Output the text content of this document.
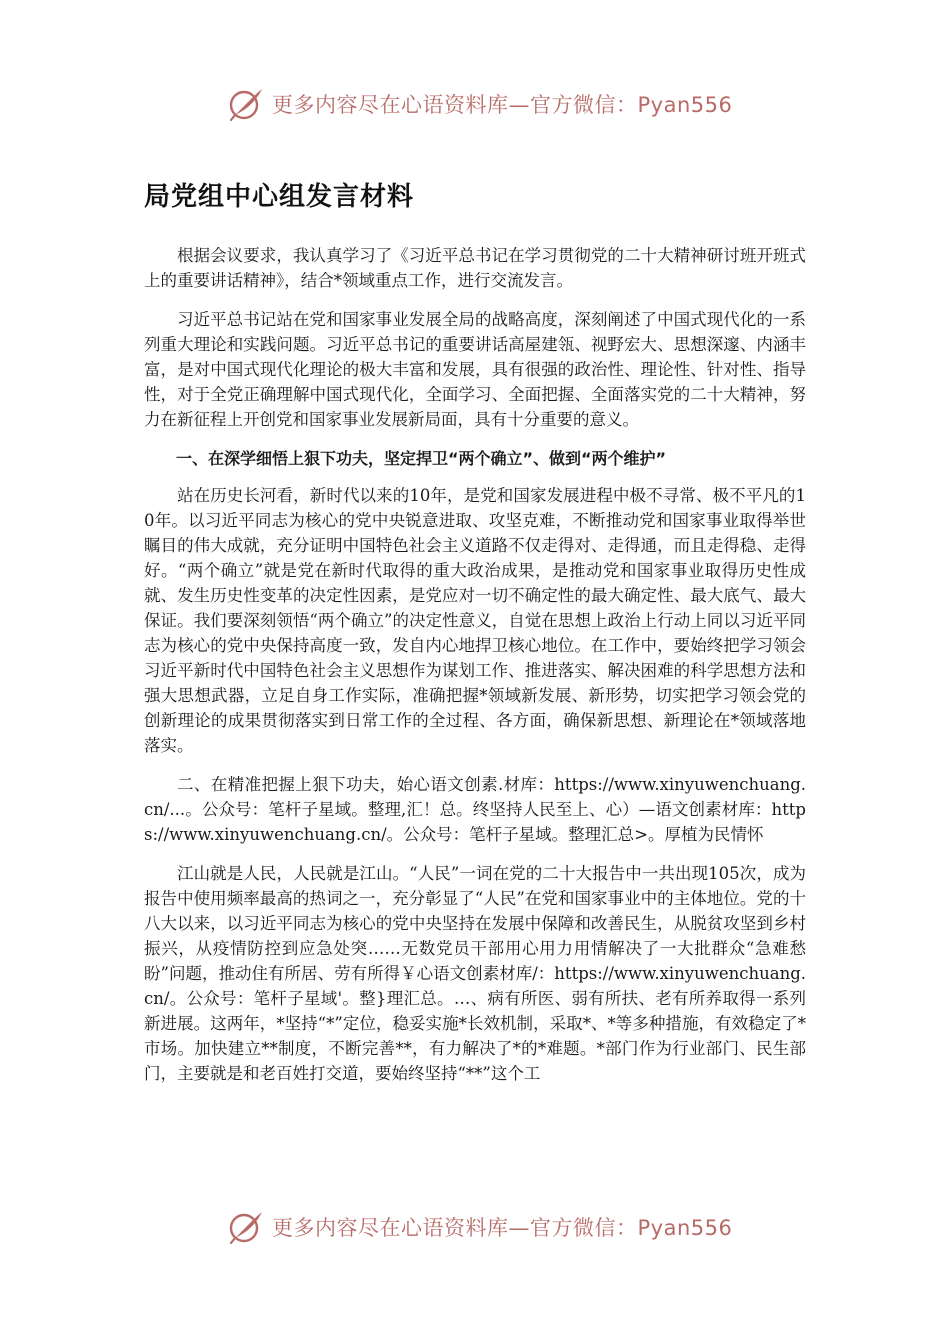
更多内容尽在心语资料库—官方微信：Pyan556
局党组中心组发言材料

根据会议要求，我认真学习了《习近平总书记在学习贯彻党的二十大精神研讨班开班式上的重要讲话精神》，结合*领域重点工作，进行交流发言。

习近平总书记站在党和国家事业发展全局的战略高度，深刻阐述了中国式现代化的一系列重大理论和实践问题。习近平总书记的重要讲话高屋建瓴、视野宏大、思想深邃、内涵丰富，是对中国式现代化理论的极大丰富和发展，具有很强的政治性、理论性、针对性、指导性，对于全党正确理解中国式现代化，全面学习、全面把握、全面落实党的二十大精神，努力在新征程上开创党和国家事业发展新局面，具有十分重要的意义。

一、在深学细悟上狠下功夫，坚定捍卫“两个确立”、做到“两个维护”

站在历史长河看，新时代以来的10年，是党和国家发展进程中极不寻常、极不平凡的10年。以习近平同志为核心的党中央锐意进取、攻坚克难，不断推动党和国家事业取得举世瞩目的伟大成就，充分证明中国特色社会主义道路不仅走得对、走得通，而且走得稳、走得好。“两个确立”就是党在新时代取得的重大政治成果，是推动党和国家事业取得历史性成就、发生历史性变革的决定性因素，是党应对一切不确定性的最大确定性、最大底气、最大保证。我们要深刻领悟“两个确立”的决定性意义，自觉在思想上政治上行动上同以习近平同志为核心的党中央保持高度一致，发自内心地捍卫核心地位。在工作中，要始终把学习领会习近平新时代中国特色社会主义思想作为谋划工作、推进落实、解决困难的科学思想方法和强大思想武器，立足自身工作实际，准确把握*领域新发展、新形势，切实把学习领会党的创新理论的成果贯彻落实到日常工作的全过程、各方面，确保新思想、新理论在*领域落地落实。

二、在精准把握上狠下功夫，始心语文创素.材库：https://www.xinyuwenchuang.cn/...。公众号：笔杆子星域。整理,汇！总。终坚持人民至上、心）—语文创素材库：https://www.xinyuwenchuang.cn/。公众号：笔杆子星域。整理汇总>。厚植为民情怀

江山就是人民，人民就是江山。“人民”一词在党的二十大报告中一共出现105次，成为报告中使用频率最高的热词之一，充分彰显了“人民”在党和国家事业中的主体地位。党的十八大以来，以习近平同志为核心的党中央坚持在发展中保障和改善民生，从脱贫攻坚到乡村振兴，从疫情防控到应急处突……无数党员干部用心用力用情解决了一大批群众“急难愁盼”问题，推动住有所居、劳有所得￥心语文创素材库/：https://www.xinyuwenchuang.cn/。公众号：笔杆子星域'。整}理汇总。…、病有所医、弱有所扶、老有所养取得一系列新进展。这两年，*坚持“*”定位，稳妥实施*长效机制，采取*、*等多种措施，有效稳定了*市场。加快建立**制度，不断完善**，有力解决了*的*难题。*部门作为行业部门、民生部门，主要就是和老百姓打交道，要始终坚持“**”这个工

更多内容尽在心语资料库—官方微信：Pyan556
